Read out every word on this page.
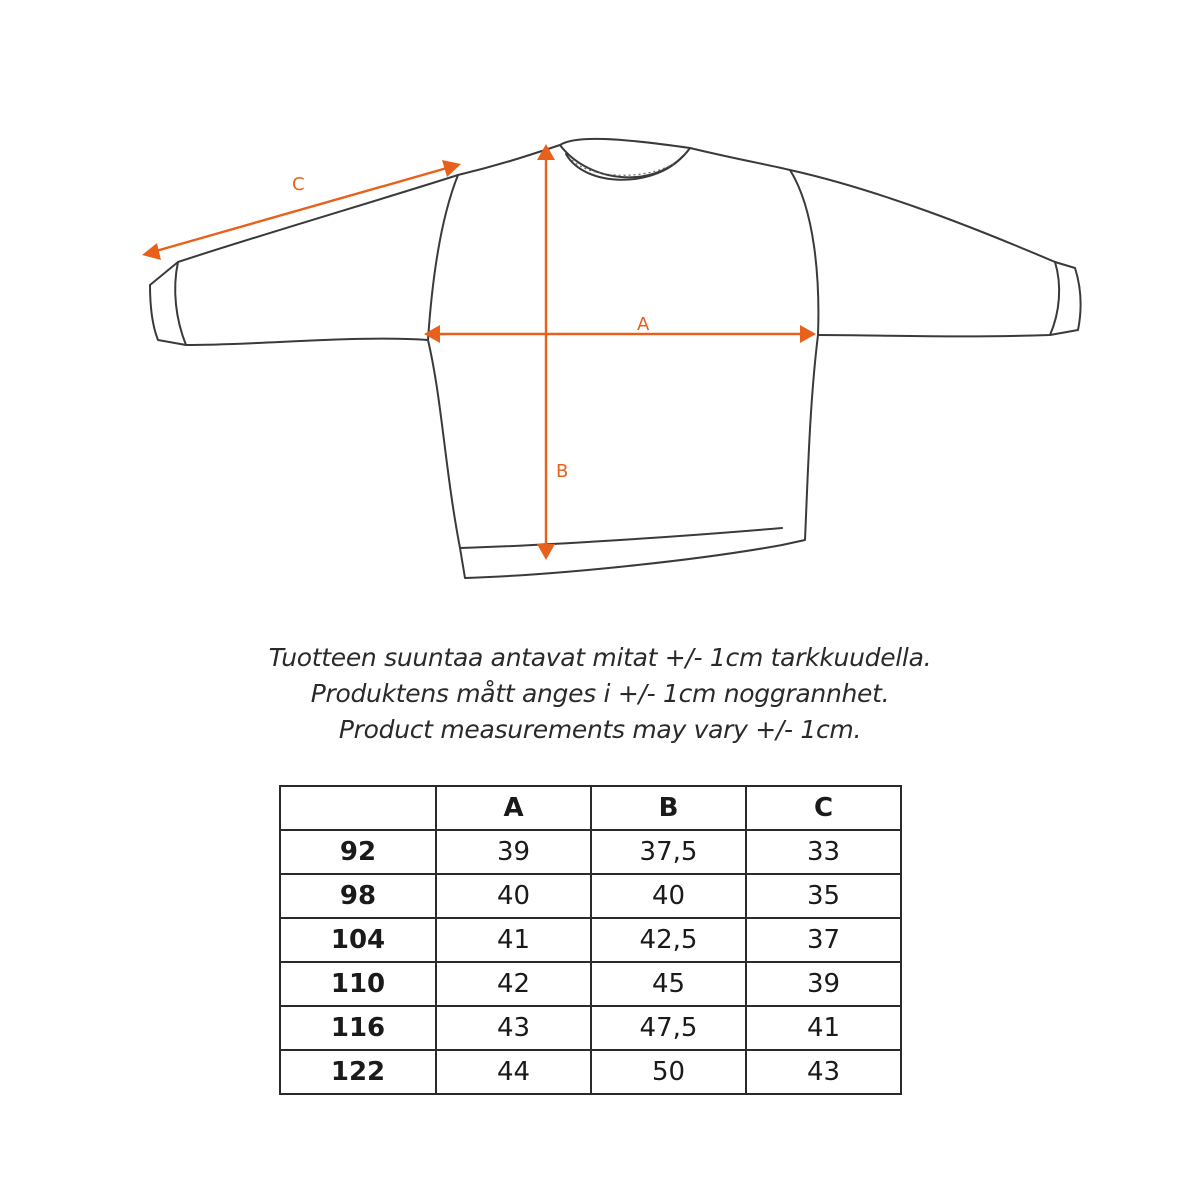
A
B
C
Tuotteen suuntaa antavat mitat +/- 1cm tarkkuudella.
Produktens mått anges i +/- 1cm noggrannhet.
Product measurements may vary +/- 1cm.
	A	B	C
92	39	37,5	33
98	40	40	35
104	41	42,5	37
110	42	45	39
116	43	47,5	41
122	44	50	43
